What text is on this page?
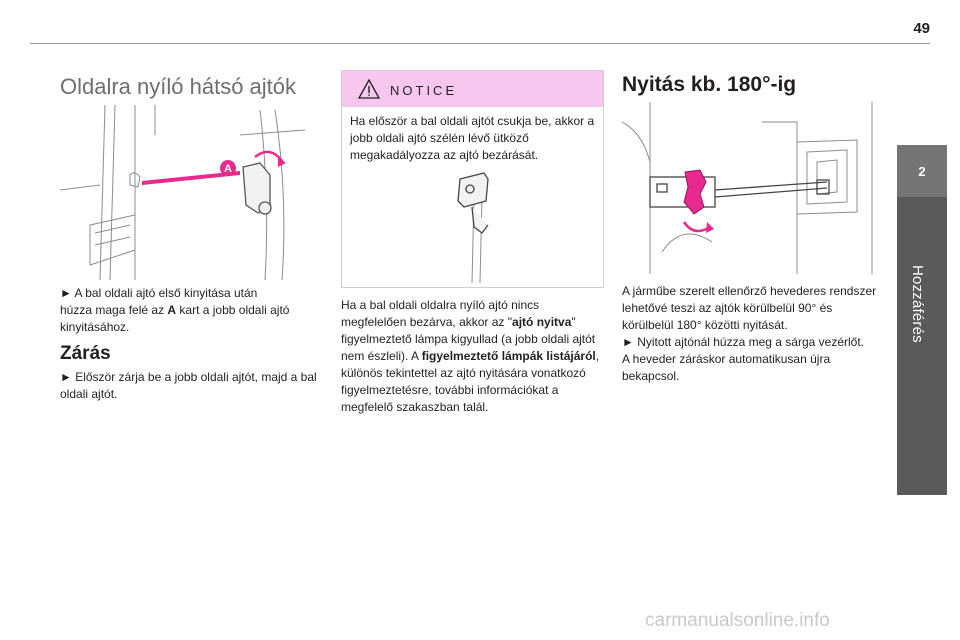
49
2
Hozzáférés
Oldalra nyíló hátsó ajtók
A

► A bal oldali ajtó első kinyitása után
húzza maga felé az A kart a jobb oldali ajtó
kinyitásához.

Zárás

► Először zárja be a jobb oldali ajtót, majd a bal
oldali ajtót.

NOTICE
Ha először a bal oldali ajtót csukja be, akkor a
jobb oldali ajtó szélén lévő ütköző
megakadályozza az ajtó bezárását.

Ha a bal oldali oldalra nyíló ajtó nincs
megfelelően bezárva, akkor az "ajtó nyitva"
figyelmeztető lámpa kigyullad (a jobb oldali ajtót
nem észleli). A figyelmeztető lámpák listájáról,
különös tekintettel az ajtó nyitására vonatkozó
figyelmeztetésre, további információkat a
megfelelő szakaszban talál.

Nyitás kb. 180°-ig

A járműbe szerelt ellenőrző hevederes rendszer
lehetővé teszi az ajtók körülbelül 90° és
körülbelül 180° közötti nyitását.
► Nyitott ajtónál húzza meg a sárga vezérlőt.
A heveder záráskor automatikusan újra
bekapcsol.

carmanualsonline.info
